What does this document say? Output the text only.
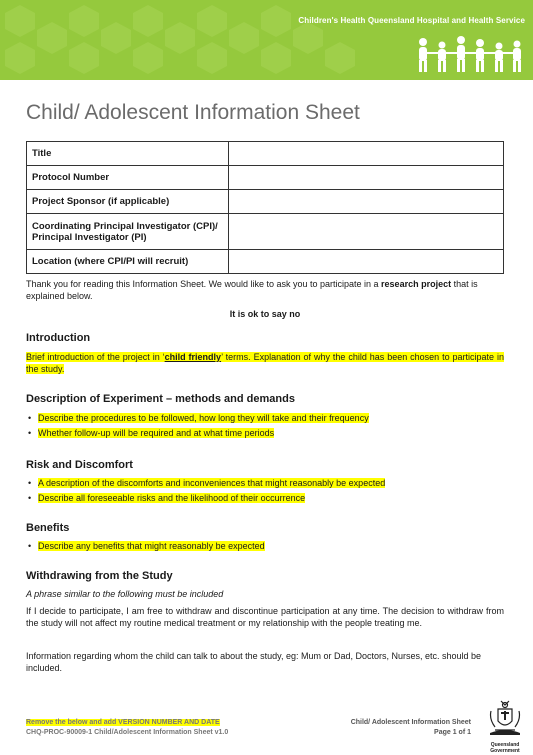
Children's Health Queensland Hospital and Health Service
Child/ Adolescent Information Sheet
Title	
Protocol Number	
Project Sponsor (if applicable)	
Coordinating Principal Investigator (CPI)/ Principal Investigator (PI)	
Location (where CPI/PI will recruit)	
Thank you for reading this Information Sheet. We would like to ask you to participate in a research project that is explained below.
It is ok to say no
Introduction
Brief introduction of the project in ‘child friendly’ terms. Explanation of why the child has been chosen to participate in the study.
Description of Experiment – methods and demands
• Describe the procedures to be followed, how long they will take and their frequency
• Whether follow-up will be required and at what time periods
Risk and Discomfort
• A description of the discomforts and inconveniences that might reasonably be expected
• Describe all foreseeable risks and the likelihood of their occurrence
Benefits
• Describe any benefits that might reasonably be expected
Withdrawing from the Study
A phrase similar to the following must be included
If I decide to participate, I am free to withdraw and discontinue participation at any time. The decision to withdraw from the study will not affect my routine medical treatment or my relationship with the people treating me.
Information regarding whom the child can talk to about the study, eg: Mum or Dad, Doctors, Nurses, etc. should be included.
Remove the below and add VERSION NUMBER AND DATE
CHQ-PROC-90009-1 Child/Adolescent Information Sheet v1.0
Child/ Adolescent Information Sheet
Page 1 of 1
Queensland
Government
